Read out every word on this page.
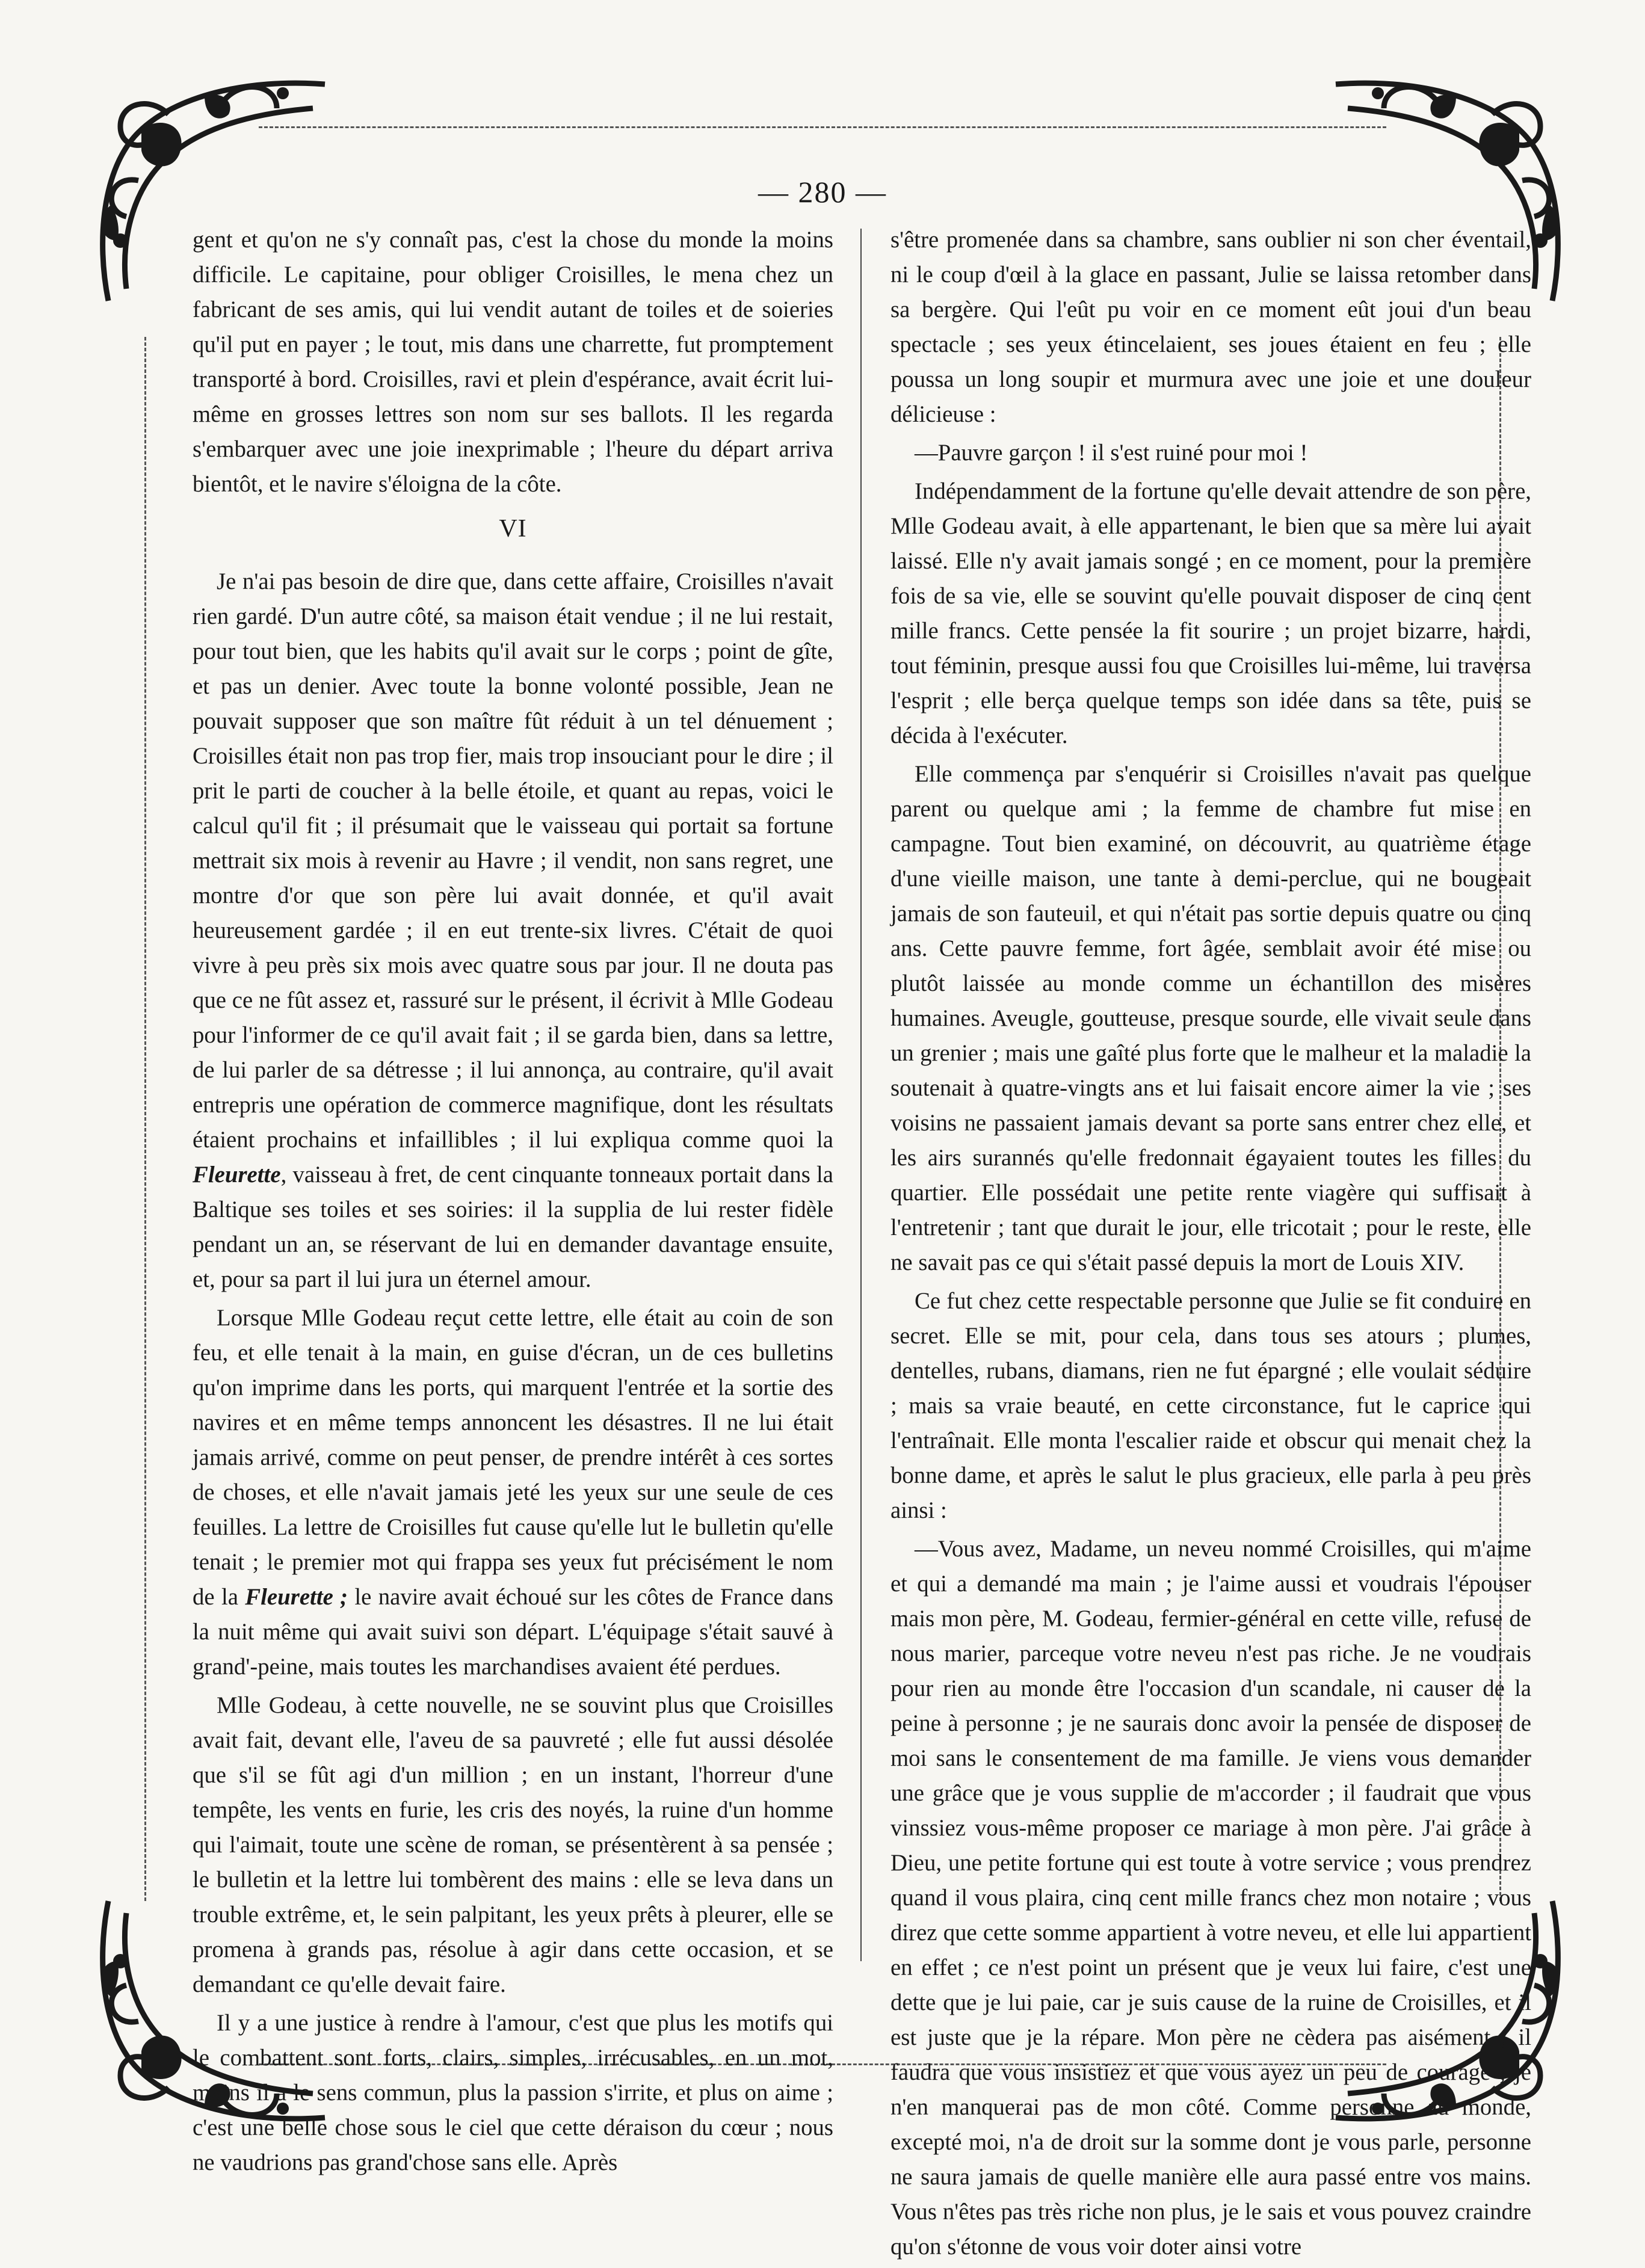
— 280 —

gent et qu'on ne s'y connaît pas, c'est la chose du monde la moins difficile. Le capitaine, pour obliger Croisilles, le mena chez un fabricant de ses amis, qui lui vendit autant de toiles et de soieries qu'il put en payer ; le tout, mis dans une charrette, fut promptement transporté à bord. Croisilles, ravi et plein d'espérance, avait écrit lui-même en grosses lettres son nom sur ses ballots. Il les regarda s'embarquer avec une joie inexprimable ; l'heure du départ arriva bientôt, et le navire s'éloigna de la côte.

VI

Je n'ai pas besoin de dire que, dans cette affaire, Croisilles n'avait rien gardé. D'un autre côté, sa maison était vendue ; il ne lui restait, pour tout bien, que les habits qu'il avait sur le corps ; point de gîte, et pas un denier. Avec toute la bonne volonté possible, Jean ne pouvait supposer que son maître fût réduit à un tel dénuement ; Croisilles était non pas trop fier, mais trop insouciant pour le dire ; il prit le parti de coucher à la belle étoile, et quant au repas, voici le calcul qu'il fit ; il présumait que le vaisseau qui portait sa fortune mettrait six mois à revenir au Havre ; il vendit, non sans regret, une montre d'or que son père lui avait donnée, et qu'il avait heureusement gardée ; il en eut trente-six livres. C'était de quoi vivre à peu près six mois avec quatre sous par jour. Il ne douta pas que ce ne fût assez et, rassuré sur le présent, il écrivit à Mlle Godeau pour l'informer de ce qu'il avait fait ; il se garda bien, dans sa lettre, de lui parler de sa détresse ; il lui annonça, au contraire, qu'il avait entrepris une opération de commerce magnifique, dont les résultats étaient prochains et infaillibles ; il lui expliqua comme quoi la Fleurette, vaisseau à fret, de cent cinquante tonneaux portait dans la Baltique ses toiles et ses soiries: il la supplia de lui rester fidèle pendant un an, se réservant de lui en demander davantage ensuite, et, pour sa part il lui jura un éternel amour.

Lorsque Mlle Godeau reçut cette lettre, elle était au coin de son feu, et elle tenait à la main, en guise d'écran, un de ces bulletins qu'on imprime dans les ports, qui marquent l'entrée et la sortie des navires et en même temps annoncent les désastres. Il ne lui était jamais arrivé, comme on peut penser, de prendre intérêt à ces sortes de choses, et elle n'avait jamais jeté les yeux sur une seule de ces feuilles. La lettre de Croisilles fut cause qu'elle lut le bulletin qu'elle tenait ; le premier mot qui frappa ses yeux fut précisément le nom de la Fleurette ; le navire avait échoué sur les côtes de France dans la nuit même qui avait suivi son départ. L'équipage s'était sauvé à grand'-peine, mais toutes les marchandises avaient été perdues.

Mlle Godeau, à cette nouvelle, ne se souvint plus que Croisilles avait fait, devant elle, l'aveu de sa pauvreté ; elle fut aussi désolée que s'il se fût agi d'un million ; en un instant, l'horreur d'une tempête, les vents en furie, les cris des noyés, la ruine d'un homme qui l'aimait, toute une scène de roman, se présentèrent à sa pensée ; le bulletin et la lettre lui tombèrent des mains : elle se leva dans un trouble extrême, et, le sein palpitant, les yeux prêts à pleurer, elle se promena à grands pas, résolue à agir dans cette occasion, et se demandant ce qu'elle devait faire.

Il y a une justice à rendre à l'amour, c'est que plus les motifs qui le combattent sont forts, clairs, simples, irrécusables, en un mot, moins il a le sens commun, plus la passion s'irrite, et plus on aime ; c'est une belle chose sous le ciel que cette déraison du cœur ; nous ne vaudrions pas grand'chose sans elle. Après

s'être promenée dans sa chambre, sans oublier ni son cher éventail, ni le coup d'œil à la glace en passant, Julie se laissa retomber dans sa bergère. Qui l'eût pu voir en ce moment eût joui d'un beau spectacle ; ses yeux étincelaient, ses joues étaient en feu ; elle poussa un long soupir et murmura avec une joie et une douleur délicieuse :

—Pauvre garçon ! il s'est ruiné pour moi !

Indépendamment de la fortune qu'elle devait attendre de son père, Mlle Godeau avait, à elle appartenant, le bien que sa mère lui avait laissé. Elle n'y avait jamais songé ; en ce moment, pour la première fois de sa vie, elle se souvint qu'elle pouvait disposer de cinq cent mille francs. Cette pensée la fit sourire ; un projet bizarre, hardi, tout féminin, presque aussi fou que Croisilles lui-même, lui traversa l'esprit ; elle berça quelque temps son idée dans sa tête, puis se décida à l'exécuter.

Elle commença par s'enquérir si Croisilles n'avait pas quelque parent ou quelque ami ; la femme de chambre fut mise en campagne. Tout bien examiné, on découvrit, au quatrième étage d'une vieille maison, une tante à demi-perclue, qui ne bougeait jamais de son fauteuil, et qui n'était pas sortie depuis quatre ou cinq ans. Cette pauvre femme, fort âgée, semblait avoir été mise ou plutôt laissée au monde comme un échantillon des misères humaines. Aveugle, goutteuse, presque sourde, elle vivait seule dans un grenier ; mais une gaîté plus forte que le malheur et la maladie la soutenait à quatre-vingts ans et lui faisait encore aimer la vie ; ses voisins ne passaient jamais devant sa porte sans entrer chez elle, et les airs surannés qu'elle fredonnait égayaient toutes les filles du quartier. Elle possédait une petite rente viagère qui suffisait à l'entretenir ; tant que durait le jour, elle tricotait ; pour le reste, elle ne savait pas ce qui s'était passé depuis la mort de Louis XIV.

Ce fut chez cette respectable personne que Julie se fit conduire en secret. Elle se mit, pour cela, dans tous ses atours ; plumes, dentelles, rubans, diamans, rien ne fut épargné ; elle voulait séduire ; mais sa vraie beauté, en cette circonstance, fut le caprice qui l'entraînait. Elle monta l'escalier raide et obscur qui menait chez la bonne dame, et après le salut le plus gracieux, elle parla à peu près ainsi :

—Vous avez, Madame, un neveu nommé Croisilles, qui m'aime et qui a demandé ma main ; je l'aime aussi et voudrais l'épouser mais mon père, M. Godeau, fermier-général en cette ville, refuse de nous marier, parceque votre neveu n'est pas riche. Je ne voudrais pour rien au monde être l'occasion d'un scandale, ni causer de la peine à personne ; je ne saurais donc avoir la pensée de disposer de moi sans le consentement de ma famille. Je viens vous demander une grâce que je vous supplie de m'accorder ; il faudrait que vous vinssiez vous-même proposer ce mariage à mon père. J'ai grâce à Dieu, une petite fortune qui est toute à votre service ; vous prendrez quand il vous plaira, cinq cent mille francs chez mon notaire ; vous direz que cette somme appartient à votre neveu, et elle lui appartient en effet ; ce n'est point un présent que je veux lui faire, c'est une dette que je lui paie, car je suis cause de la ruine de Croisilles, et il est juste que je la répare. Mon père ne cèdera pas aisément ; il faudra que vous insistiez et que vous ayez un peu de courage ; je n'en manquerai pas de mon côté. Comme personne au monde, excepté moi, n'a de droit sur la somme dont je vous parle, personne ne saura jamais de quelle manière elle aura passé entre vos mains. Vous n'êtes pas très riche non plus, je le sais et vous pouvez craindre qu'on s'étonne de vous voir doter ainsi votre
